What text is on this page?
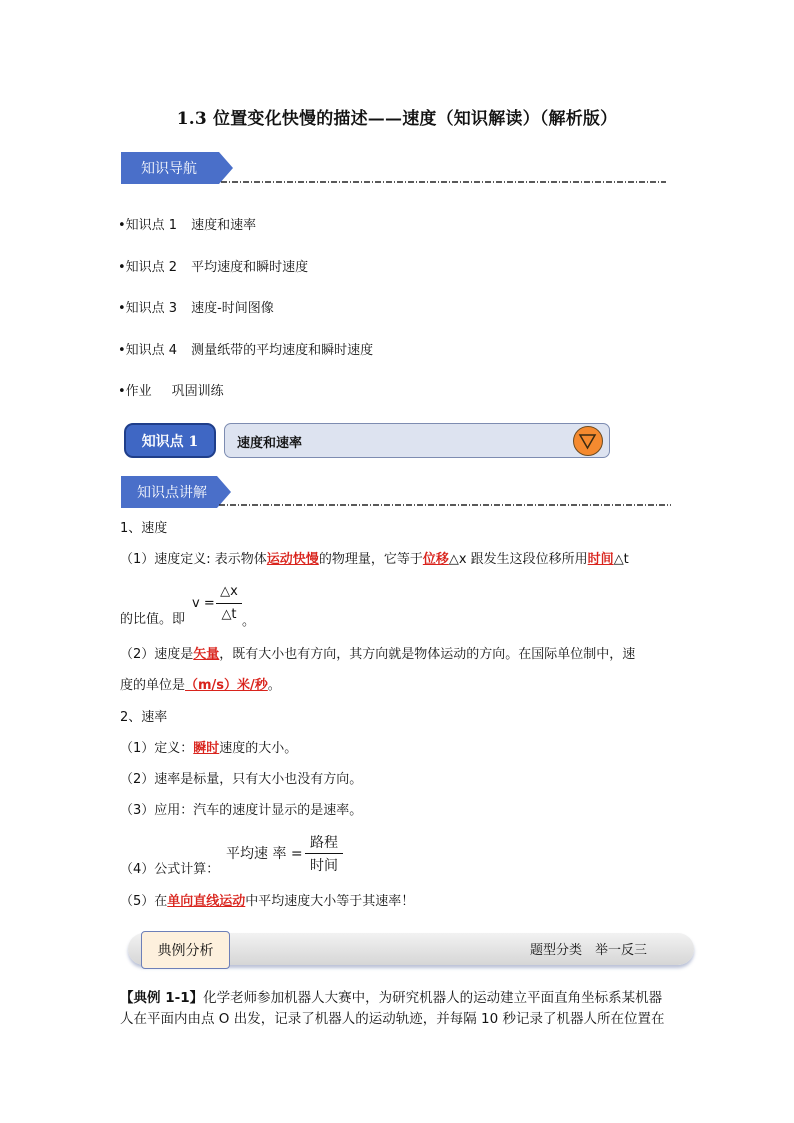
1.3 位置变化快慢的描述——速度（知识解读）（解析版）
知识导航
•知识点 1 速度和速率
•知识点 2 平均速度和瞬时速度
•知识点 3 速度-时间图像
•知识点 4 测量纸带的平均速度和瞬时速度
•作业 巩固训练
知识点 1	速度和速率
知识点讲解
1、速度
（1）速度定义: 表示物体运动快慢的物理量，它等于位移△x 跟发生这段位移所用时间△t
v =
△x
△t 。
的比值。即
（2）速度是矢量，既有大小也有方向，其方向就是物体运动的方向。在国际单位制中，速
度的单位是（m/s）米/秒。
2、速率
（1）定义：瞬时速度的大小。
（2）速率是标量，只有大小也没有方向。
（3）应用：汽车的速度计显示的是速率。
（4）公式计算：
平均速 率 =
路程
时间
（5）在单向直线运动中平均速度大小等于其速率！
典例分析	题型分类　举一反三
【典例 1-1】化学老师参加机器人大赛中，为研究机器人的运动建立平面直角坐标系某机器
人在平面内由点 O 出发，记录了机器人的运动轨迹，并每隔 10 秒记录了机器人所在位置在
